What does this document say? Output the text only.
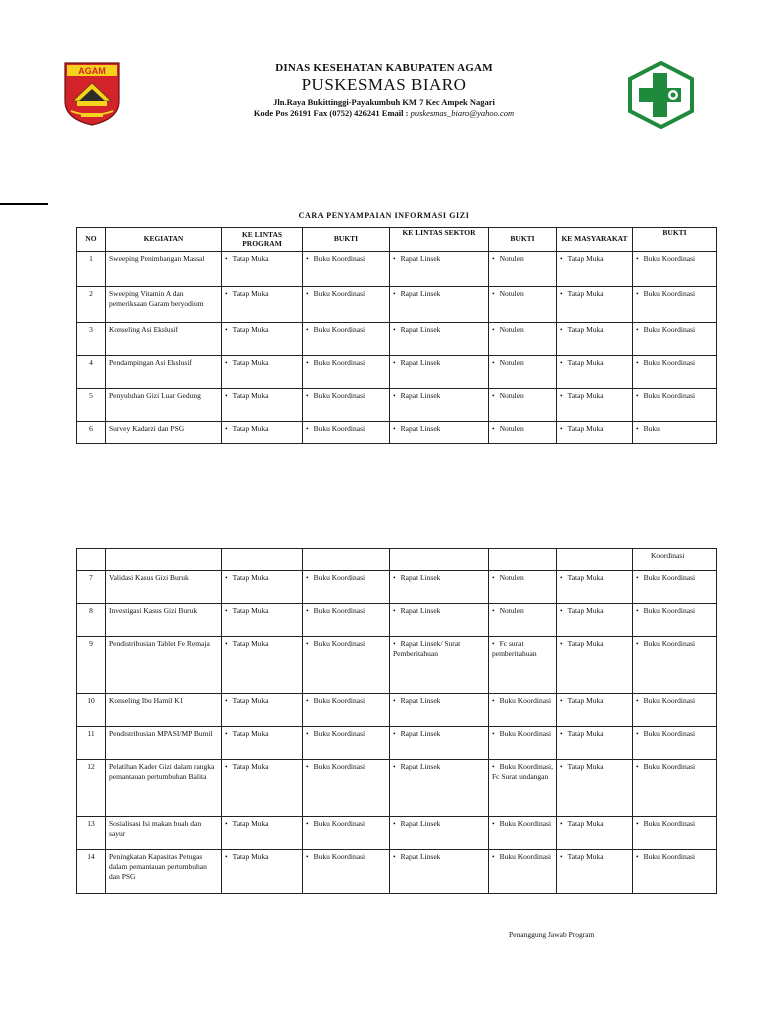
AGAM	DINAS KESEHATAN KABUPATEN AGAM
PUSKESMAS BIARO
Jln.Raya Bukittinggi-Payakumbuh KM 7 Kec Ampek Nagari
Kode Pos 26191 Fax (0752) 426241 Email : puskesmas_biaro@yahoo.com
CARA PENYAMPAIAN INFORMASI GIZI
NO	KEGIATAN	KE LINTAS PROGRAM	BUKTI	KE LINTAS SEKTOR	BUKTI	KE MASYARAKAT	BUKTI
1	Sweeping Penimbangan Massal	• Tatap Muka	• Buku Koordinasi	• Rapat Linsek	• Notulen	• Tatap Muka	• Buku Koordinasi
2	Sweeping Vitamin A dan pemeriksaan Garam beryodium	• Tatap Muka	• Buku Koordinasi	• Rapat Linsek	• Notulen	• Tatap Muka	• Buku Koordinasi
3	Konseling Asi Ekslusif	• Tatap Muka	• Buku Koordinasi	• Rapat Linsek	• Notulen	• Tatap Muka	• Buku Koordinasi
4	Pendampingan Asi Ekslusif	• Tatap Muka	• Buku Koordinasi	• Rapat Linsek	• Notulen	• Tatap Muka	• Buku Koordinasi
5	Penyuluhan Gizi Luar Gedung	• Tatap Muka	• Buku Koordinasi	• Rapat Linsek	• Notulen	• Tatap Muka	• Buku Koordinasi
6	Survey Kadarzi dan PSG	• Tatap Muka	• Buku Koordinasi	• Rapat Linsek	• Notulen	• Tatap Muka	• Buku
							Koordinasi
7	Validasi Kasus Gizi Buruk	• Tatap Muka	• Buku Koordinasi	• Rapat Linsek	• Notulen	• Tatap Muka	• Buku Koordinasi
8	Investigasi Kasus Gizi Buruk	• Tatap Muka	• Buku Koordinasi	• Rapat Linsek	• Notulen	• Tatap Muka	• Buku Koordinasi
9	Pendistribusian Tablet Fe Remaja	• Tatap Muka	• Buku Koordinasi	• Rapat Linsek/ Surat Pemberitahuan	• Fc surat pemberitahuan	• Tatap Muka	• Buku Koordinasi
10	Konseling Ibu Hamil K1	• Tatap Muka	• Buku Koordinasi	• Rapat Linsek	• Buku Koordinasi	• Tatap Muka	• Buku Koordinasi
11	Pendistribusian MPASI/MP Bumil	• Tatap Muka	• Buku Koordinasi	• Rapat Linsek	• Buku Koordinasi	• Tatap Muka	• Buku Koordinasi
12	Pelatihan Kader Gizi dalam rangka pemantauan pertumbuhan Balita	• Tatap Muka	• Buku Koordinasi	• Rapat Linsek	• Buku Koordinasi, Fc Surat undangan	• Tatap Muka	• Buku Koordinasi
13	Sosialisasi Isi makan buah dan sayur	• Tatap Muka	• Buku Koordinasi	• Rapat Linsek	• Buku Koordinasi	• Tatap Muka	• Buku Koordinasi
14	Peningkatan Kapasitas Petugas dalam pemantauan pertumbuhan dan PSG	• Tatap Muka	• Buku Koordinasi	• Rapat Linsek	• Buku Koordinasi	• Tatap Muka	• Buku Koordinasi
Penanggung Jawab Program
